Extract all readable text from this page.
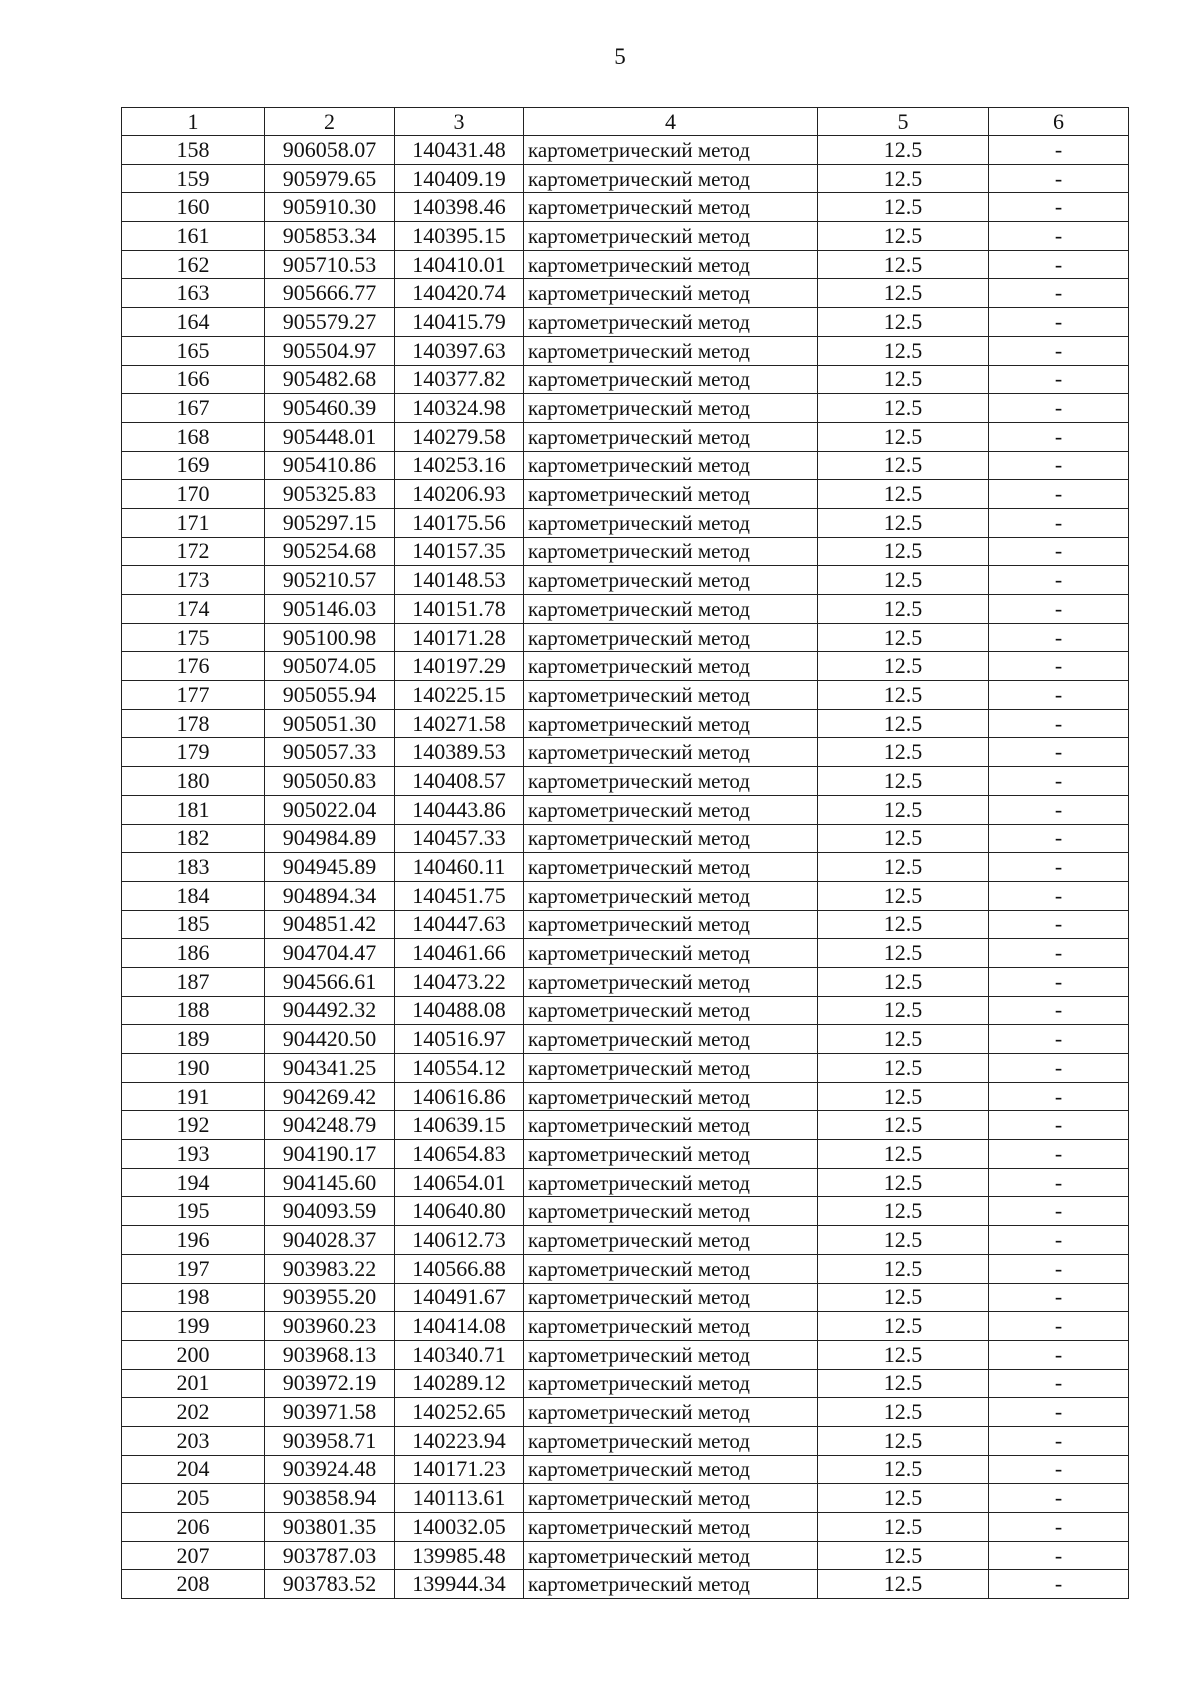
5
1	2	3	4	5	6
158	906058.07	140431.48	картометрический метод	12.5	-
159	905979.65	140409.19	картометрический метод	12.5	-
160	905910.30	140398.46	картометрический метод	12.5	-
161	905853.34	140395.15	картометрический метод	12.5	-
162	905710.53	140410.01	картометрический метод	12.5	-
163	905666.77	140420.74	картометрический метод	12.5	-
164	905579.27	140415.79	картометрический метод	12.5	-
165	905504.97	140397.63	картометрический метод	12.5	-
166	905482.68	140377.82	картометрический метод	12.5	-
167	905460.39	140324.98	картометрический метод	12.5	-
168	905448.01	140279.58	картометрический метод	12.5	-
169	905410.86	140253.16	картометрический метод	12.5	-
170	905325.83	140206.93	картометрический метод	12.5	-
171	905297.15	140175.56	картометрический метод	12.5	-
172	905254.68	140157.35	картометрический метод	12.5	-
173	905210.57	140148.53	картометрический метод	12.5	-
174	905146.03	140151.78	картометрический метод	12.5	-
175	905100.98	140171.28	картометрический метод	12.5	-
176	905074.05	140197.29	картометрический метод	12.5	-
177	905055.94	140225.15	картометрический метод	12.5	-
178	905051.30	140271.58	картометрический метод	12.5	-
179	905057.33	140389.53	картометрический метод	12.5	-
180	905050.83	140408.57	картометрический метод	12.5	-
181	905022.04	140443.86	картометрический метод	12.5	-
182	904984.89	140457.33	картометрический метод	12.5	-
183	904945.89	140460.11	картометрический метод	12.5	-
184	904894.34	140451.75	картометрический метод	12.5	-
185	904851.42	140447.63	картометрический метод	12.5	-
186	904704.47	140461.66	картометрический метод	12.5	-
187	904566.61	140473.22	картометрический метод	12.5	-
188	904492.32	140488.08	картометрический метод	12.5	-
189	904420.50	140516.97	картометрический метод	12.5	-
190	904341.25	140554.12	картометрический метод	12.5	-
191	904269.42	140616.86	картометрический метод	12.5	-
192	904248.79	140639.15	картометрический метод	12.5	-
193	904190.17	140654.83	картометрический метод	12.5	-
194	904145.60	140654.01	картометрический метод	12.5	-
195	904093.59	140640.80	картометрический метод	12.5	-
196	904028.37	140612.73	картометрический метод	12.5	-
197	903983.22	140566.88	картометрический метод	12.5	-
198	903955.20	140491.67	картометрический метод	12.5	-
199	903960.23	140414.08	картометрический метод	12.5	-
200	903968.13	140340.71	картометрический метод	12.5	-
201	903972.19	140289.12	картометрический метод	12.5	-
202	903971.58	140252.65	картометрический метод	12.5	-
203	903958.71	140223.94	картометрический метод	12.5	-
204	903924.48	140171.23	картометрический метод	12.5	-
205	903858.94	140113.61	картометрический метод	12.5	-
206	903801.35	140032.05	картометрический метод	12.5	-
207	903787.03	139985.48	картометрический метод	12.5	-
208	903783.52	139944.34	картометрический метод	12.5	-
